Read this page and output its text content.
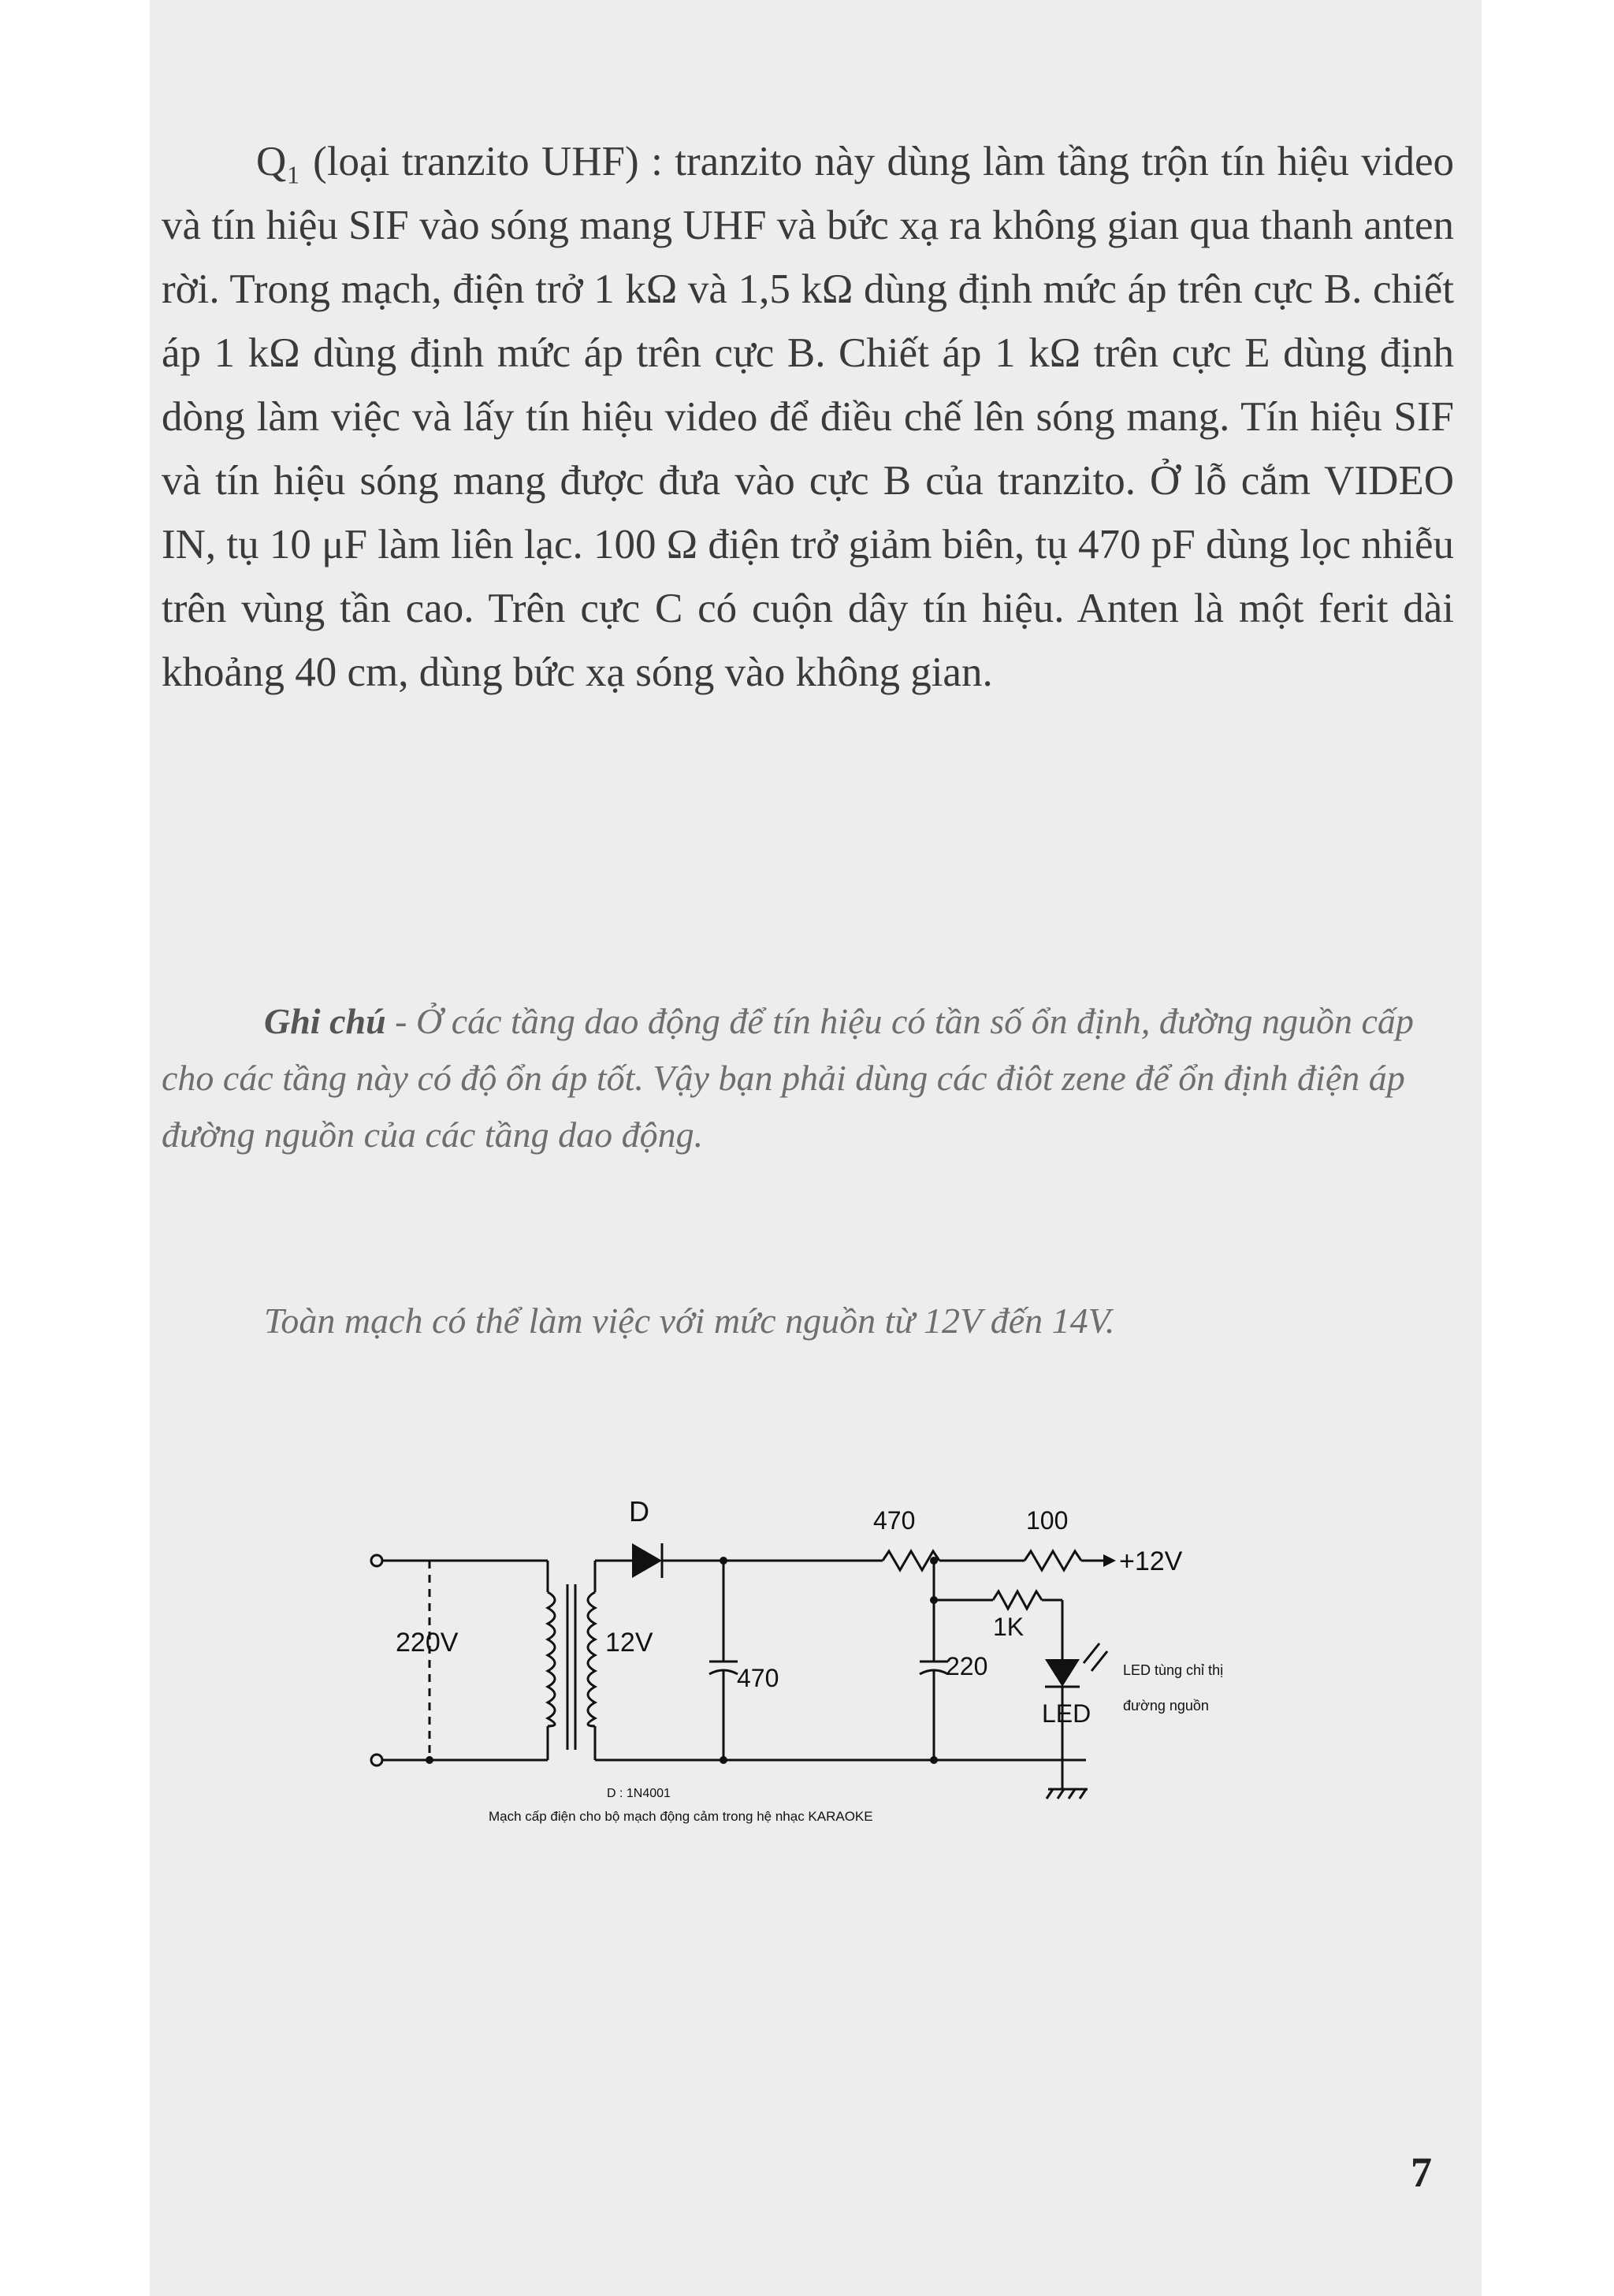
Q₁ (loại tranzito UHF) : tranzito này dùng làm tầng trộn tín hiệu video và tín hiệu SIF vào sóng mang UHF và bức xạ ra không gian qua thanh anten rời. Trong mạch, điện trở 1 kΩ và 1,5 kΩ dùng định mức áp trên cực B. chiết áp 1 kΩ dùng định mức áp trên cực B. Chiết áp 1 kΩ trên cực E dùng định dòng làm việc và lấy tín hiệu video để điều chế lên sóng mang. Tín hiệu SIF và tín hiệu sóng mang được đưa vào cực B của tranzito. Ở lỗ cắm VIDEO IN, tụ 10 μF làm liên lạc. 100 Ω điện trở giảm biên, tụ 470 pF dùng lọc nhiễu trên vùng tần cao. Trên cực C có cuộn dây tín hiệu. Anten là một ferit dài khoảng 40 cm, dùng bức xạ sóng vào không gian.

Ghi chú - Ở các tầng dao động để tín hiệu có tần số ổn định, đường nguồn cấp cho các tầng này có độ ổn áp tốt. Vậy bạn phải dùng các điôt zene để ổn định điện áp đường nguồn của các tầng dao động.

Toàn mạch có thể làm việc với mức nguồn từ 12V đến 14V.

220V	12V
D
470
470	100
+12V
1K
220
LED
LED tùng chỉ thị
đường nguồn
D : 1N4001
Mạch cấp điện cho bộ mạch động cảm trong hệ nhạc KARAOKE
7
